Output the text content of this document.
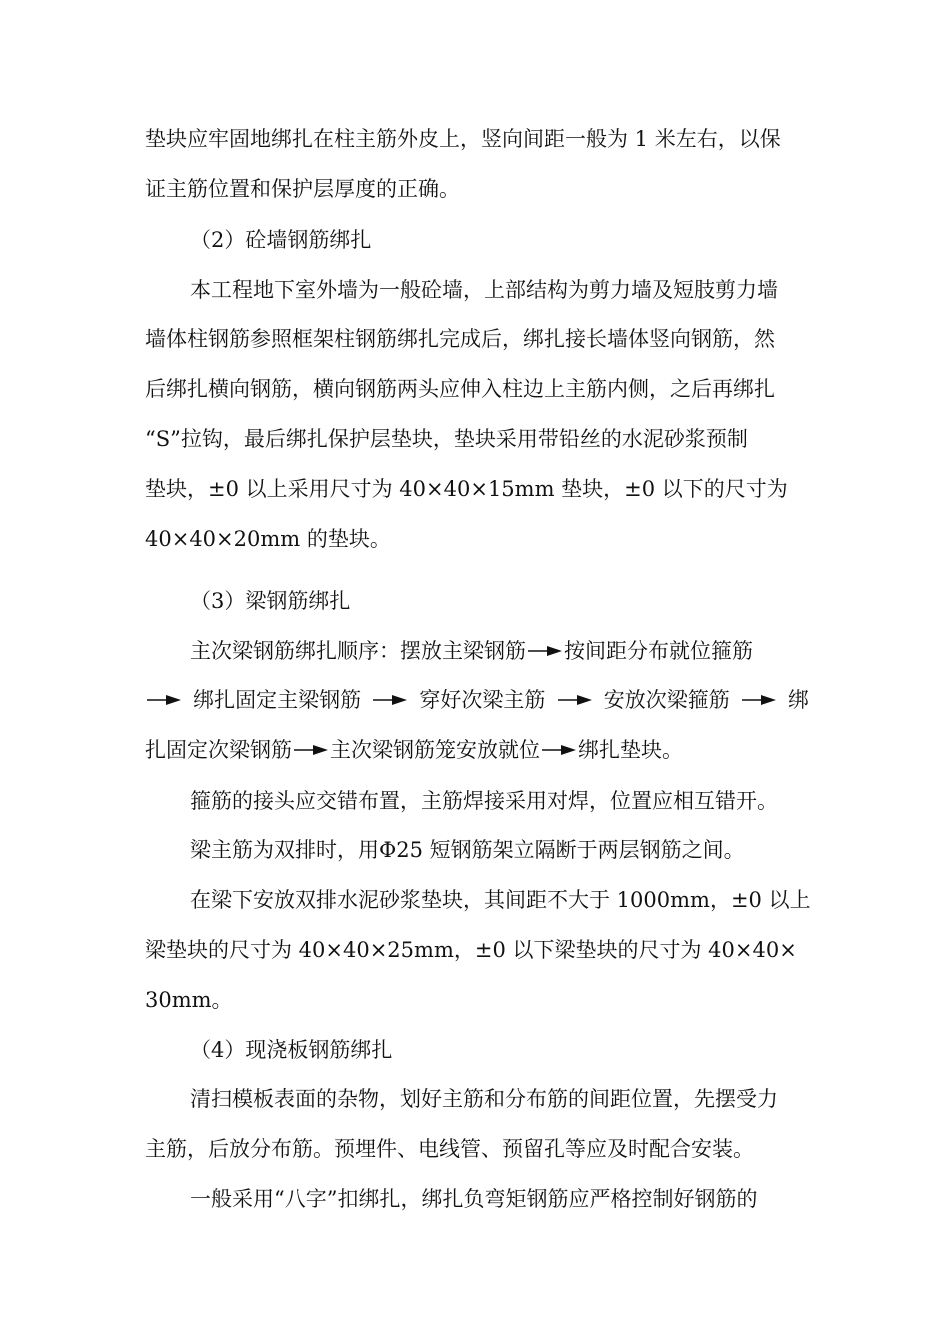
垫块应牢固地绑扎在柱主筋外皮上，竖向间距一般为 1 米左右，以保
证主筋位置和保护层厚度的正确。
（2）砼墙钢筋绑扎
本工程地下室外墙为一般砼墙，上部结构为剪力墙及短肢剪力墙
墙体柱钢筋参照框架柱钢筋绑扎完成后，绑扎接长墙体竖向钢筋，然
后绑扎横向钢筋，横向钢筋两头应伸入柱边上主筋内侧，之后再绑扎
“S”拉钩，最后绑扎保护层垫块，垫块采用带铅丝的水泥砂浆预制
垫块，±0 以上采用尺寸为 40×40×15mm 垫块，±0 以下的尺寸为
40×40×20mm 的垫块。
（3）梁钢筋绑扎
主次梁钢筋绑扎顺序：摆放主梁钢筋 按间距分布就位箍筋
绑扎固定主梁钢筋	穿好次梁主筋	安放次梁箍筋	绑
扎固定次梁钢筋 主次梁钢筋笼安放就位 绑扎垫块。
箍筋的接头应交错布置，主筋焊接采用对焊，位置应相互错开。
梁主筋为双排时，用Φ25 短钢筋架立隔断于两层钢筋之间。
在梁下安放双排水泥砂浆垫块，其间距不大于 1000mm，±0 以上
梁垫块的尺寸为 40×40×25mm，±0 以下梁垫块的尺寸为 40×40×
30mm。
（4）现浇板钢筋绑扎
清扫模板表面的杂物，划好主筋和分布筋的间距位置，先摆受力
主筋，后放分布筋。预埋件、电线管、预留孔等应及时配合安装。
一般采用“八字”扣绑扎，绑扎负弯矩钢筋应严格控制好钢筋的
